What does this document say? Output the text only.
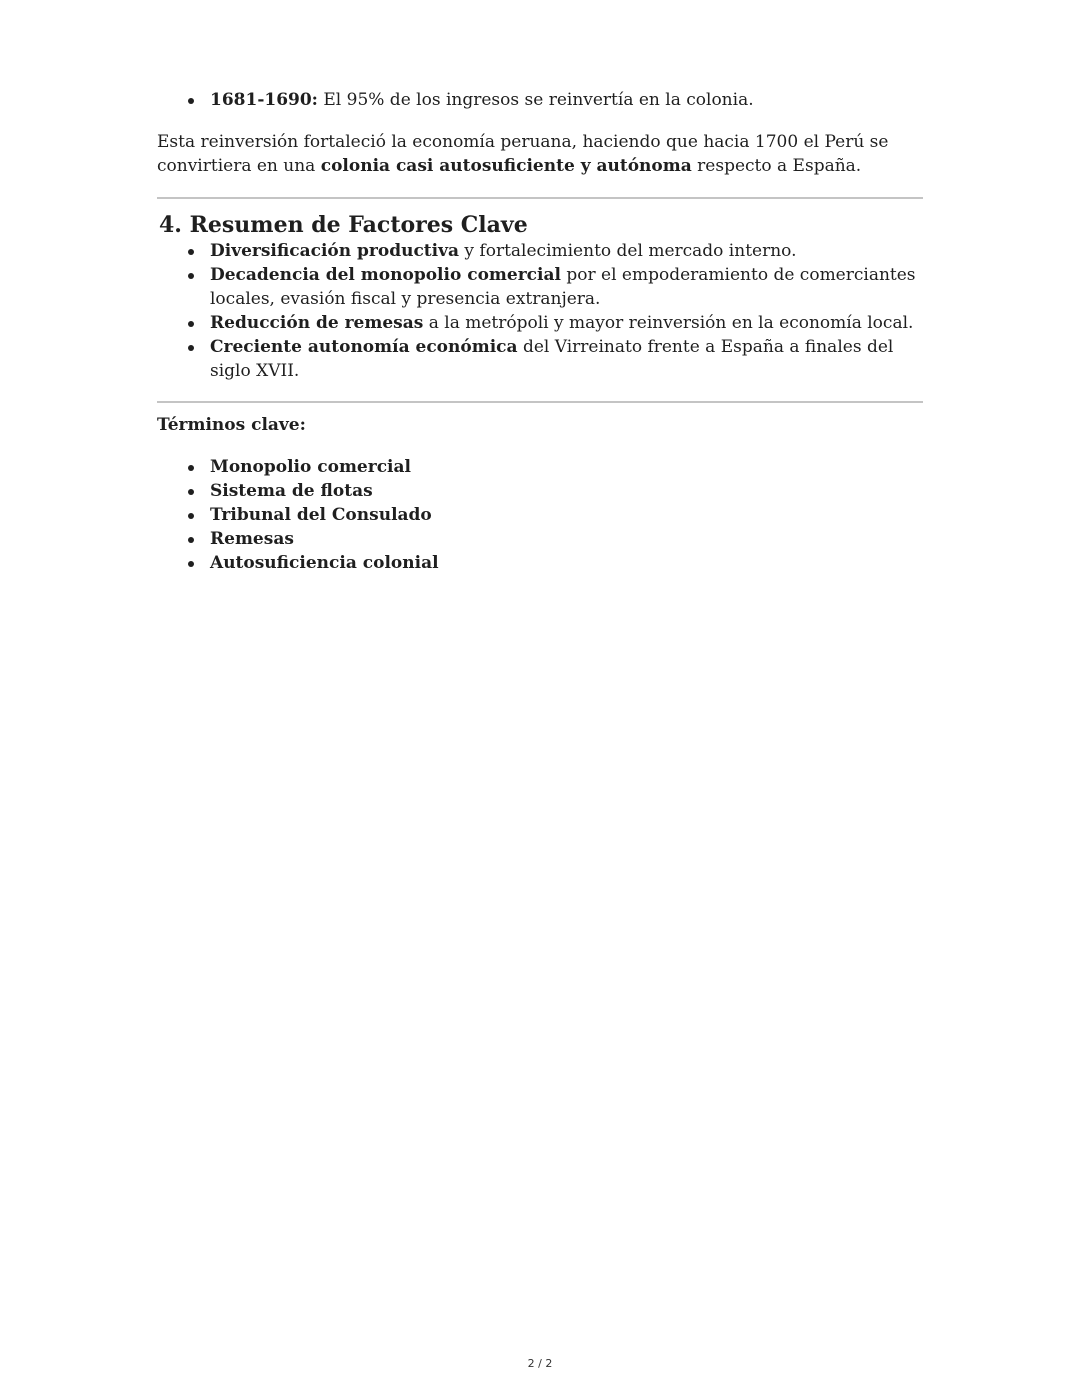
1681-1690: El 95% de los ingresos se reinvertía en la colonia.

Esta reinversión fortaleció la economía peruana, haciendo que hacia 1700 el Perú se convirtiera en una colonia casi autosuficiente y autónoma respecto a España.

4. Resumen de Factores Clave
Diversificación productiva y fortalecimiento del mercado interno.
Decadencia del monopolio comercial por el empoderamiento de comerciantes locales, evasión fiscal y presencia extranjera.
Reducción de remesas a la metrópoli y mayor reinversión en la economía local.
Creciente autonomía económica del Virreinato frente a España a finales del siglo XVII.

Términos clave:

Monopolio comercial
Sistema de flotas
Tribunal del Consulado
Remesas
Autosuficiencia colonial
2 / 2
